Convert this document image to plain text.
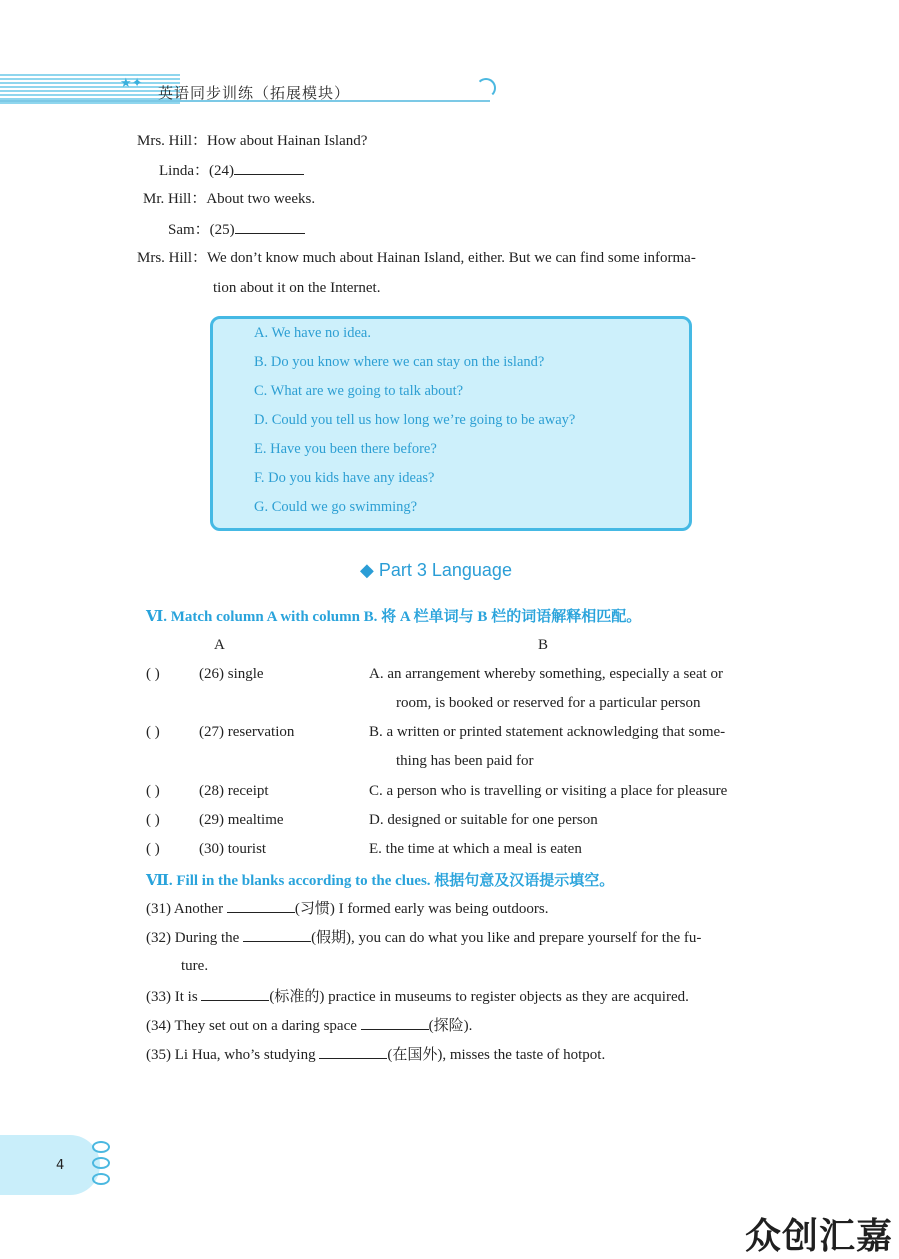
★✦
英语同步训练（拓展模块）
Mrs. Hill：How about Hainan Island?
Linda：(24)
Mr. Hill：About two weeks.
Sam：(25)
Mrs. Hill：We don’t know much about Hainan Island, either. But we can find some informa-
tion about it on the Internet.
A. We have no idea.
B. Do you know where we can stay on the island?
C. What are we going to talk about?
D. Could you tell us how long we’re going to be away?
E. Have you been there before?
F. Do you kids have any ideas?
G. Could we go swimming?
◆ Part 3 Language
Ⅵ. Match column A with column B. 将 A 栏单词与 B 栏的词语解释相匹配。
A	B
( )	(26) single	A. an arrangement whereby something, especially a seat or
room, is booked or reserved for a particular person
( )	(27) reservation	B. a written or printed statement acknowledging that some-
thing has been paid for
( )	(28) receipt	C. a person who is travelling or visiting a place for pleasure
( )	(29) mealtime	D. designed or suitable for one person
( )	(30) tourist	E. the time at which a meal is eaten
Ⅶ. Fill in the blanks according to the clues. 根据句意及汉语提示填空。
(31) Another	(习惯) I formed early was being outdoors.
(32) During the	(假期), you can do what you like and prepare yourself for the fu-
ture.
(33) It is	(标准的) practice in museums to register objects as they are acquired.
(34) They set out on a daring space	(探险).
(35) Li Hua, who’s studying	(在国外), misses the taste of hotpot.
4
众创汇嘉
